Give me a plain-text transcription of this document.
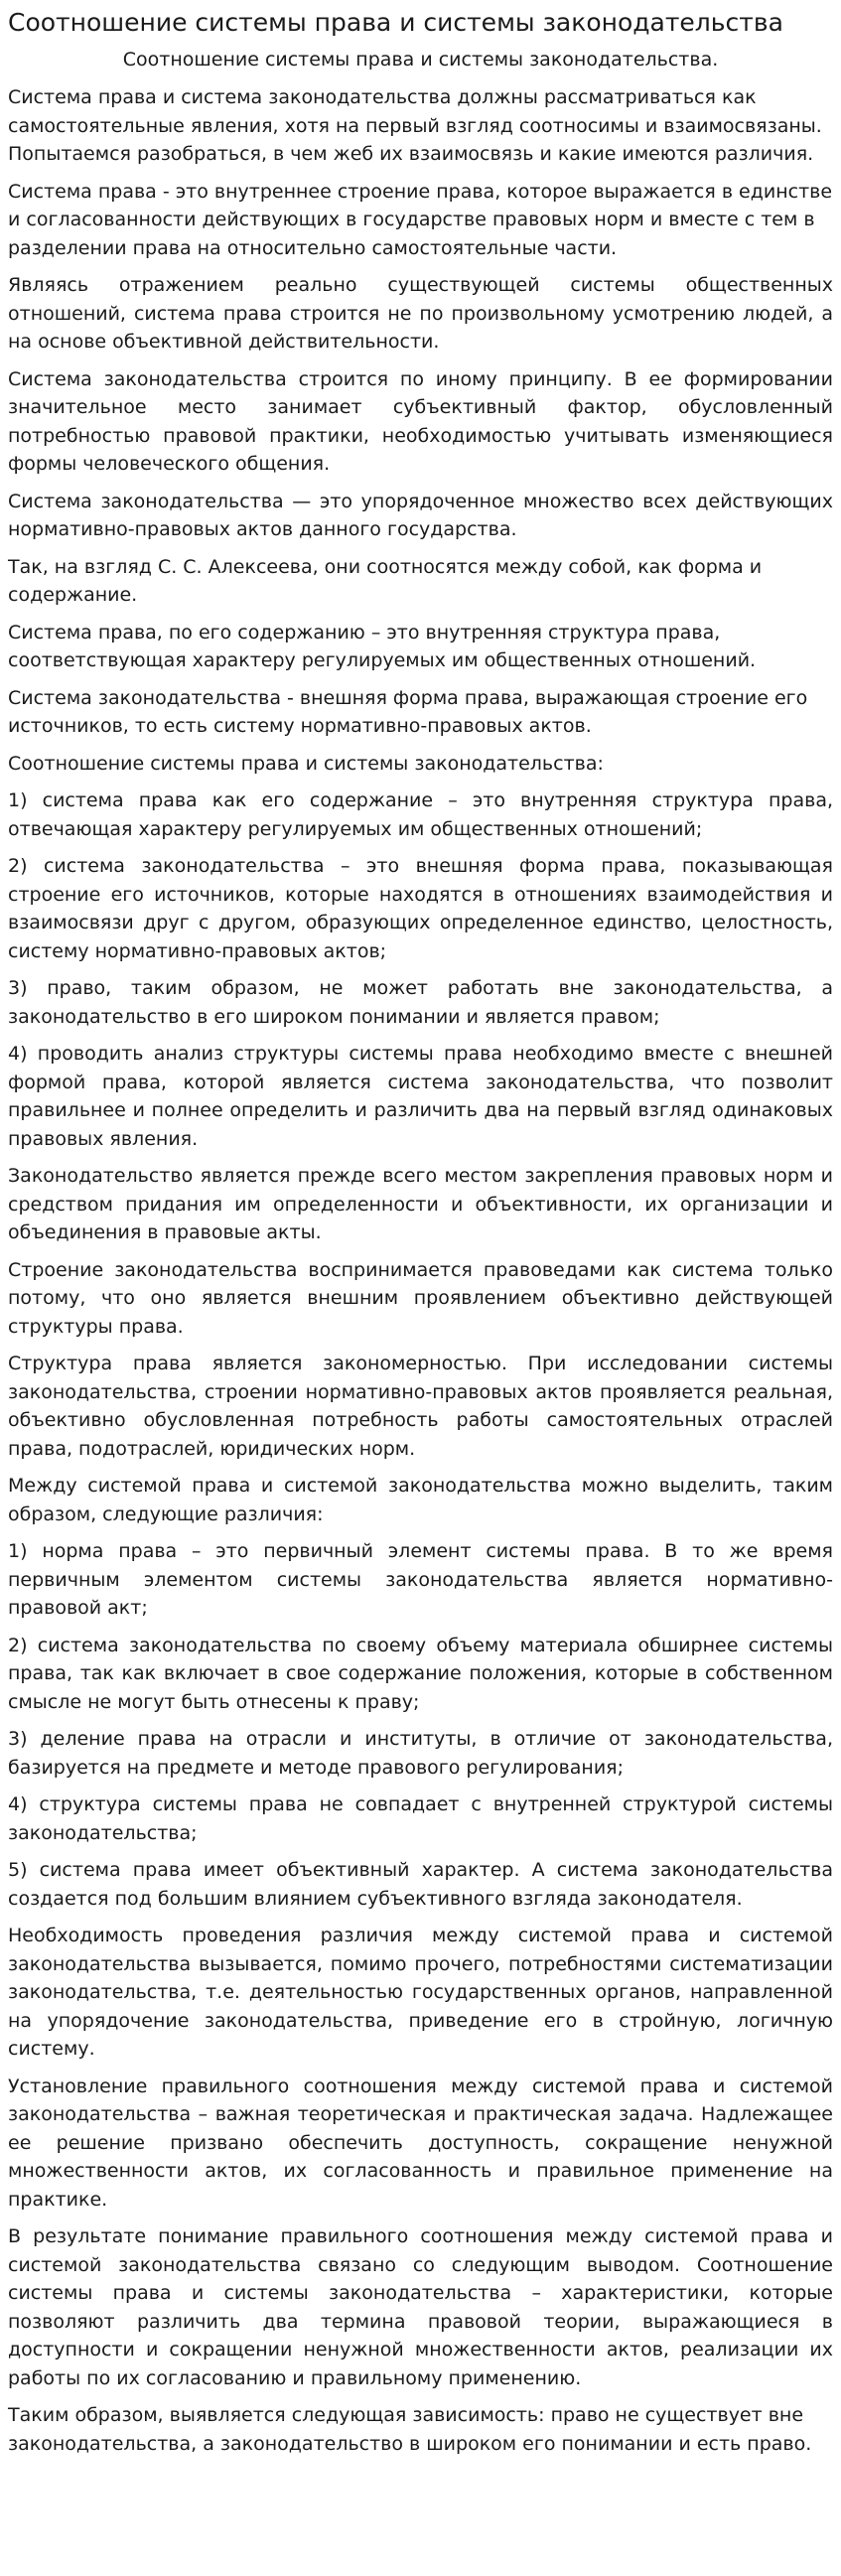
Соотношение системы права и системы законодательства
Соотношение системы права и системы законодательства.

Система права и система законодательства должны рассматриваться как самостоятельные явления, хотя на первый взгляд соотносимы и взаимосвязаны. Попытаемся разобраться, в чем жеб их взаимосвязь и какие имеются различия.

Система права - это внутреннее строение права, которое выражается в единстве и согласованности действующих в государстве правовых норм и вместе с тем в разделении права на относительно самостоятельные части.

Являясь отражением реально существующей системы общественных отношений, система права строится не по произвольному усмотрению людей, а на основе объективной действительности.

Система законодательства строится по иному принципу. В ее формировании значительное место занимает субъективный фактор, обусловленный потребностью правовой практики, необходимостью учитывать изменяющиеся формы человеческого общения.

Система законодательства — это упорядоченное множество всех действующих нормативно-правовых актов данного государства.

Так, на взгляд С. С. Алексеева, они соотносятся между собой, как форма и содержание.

Система права, по его содержанию – это внутренняя структура права, соответствующая характеру регулируемых им общественных отношений.

Система законодательства - внешняя форма права, выражающая строение его источников, то есть систему нормативно-правовых актов.

Соотношение системы права и системы законодательства:

1) система права как его содержание – это внутренняя структура права, отвечающая характеру регулируемых им общественных отношений;

2) система законодательства – это внешняя форма права, показывающая строение его источников, которые находятся в отношениях взаимодействия и взаимосвязи друг с другом, образующих определенное единство, целостность, систему нормативно-правовых актов;

3) право, таким образом, не может работать вне законодательства, а законодательство в его широком понимании и является правом;

4) проводить анализ структуры системы права необходимо вместе с внешней формой права, которой является система законодательства, что позволит правильнее и полнее определить и различить два на первый взгляд одинаковых правовых явления.

Законодательство является прежде всего местом закрепления правовых норм и средством придания им определенности и объективности, их организации и объединения в правовые акты.

Строение законодательства воспринимается правоведами как система только потому, что оно является внешним проявлением объективно действующей структуры права.

Структура права является закономерностью. При исследовании системы законодательства, строении нормативно-правовых актов проявляется реальная, объективно обусловленная потребность работы самостоятельных отраслей права, подотраслей, юридических норм.

Между системой права и системой законодательства можно выделить, таким образом, следующие различия:

1) норма права – это первичный элемент системы права. В то же время первичным элементом системы законодательства является нормативно-правовой акт;

2) система законодательства по своему объему материала обширнее системы права, так как включает в свое содержание положения, которые в собственном смысле не могут быть отнесены к праву;

3) деление права на отрасли и институты, в отличие от законодательства, базируется на предмете и методе правового регулирования;

4) структура системы права не совпадает с внутренней структурой системы законодательства;

5) система права имеет объективный характер. А система законодательства создается под большим влиянием субъективного взгляда законодателя.

Необходимость проведения различия между системой права и системой законодательства вызывается, помимо прочего, потребностями систематизации законодательства, т.е. деятельностью государственных органов, направленной на упорядочение законодательства, приведение его в стройную, логичную систему.

Установление правильного соотношения между системой права и системой законодательства – важная теоретическая и практическая задача. Надлежащее ее решение призвано обеспечить доступность, сокращение ненужной множественности актов, их согласованность и правильное применение на практике.

В результате понимание правильного соотношения между системой права и системой законодательства связано со следующим выводом. Соотношение системы права и системы законодательства – характеристики, которые позволяют различить два термина правовой теории, выражающиеся в доступности и сокращении ненужной множественности актов, реализации их работы по их согласованию и правильному применению.

Таким образом, выявляется следующая зависимость: право не существует вне законодательства, а законодательство в широком его понимании и есть право.
